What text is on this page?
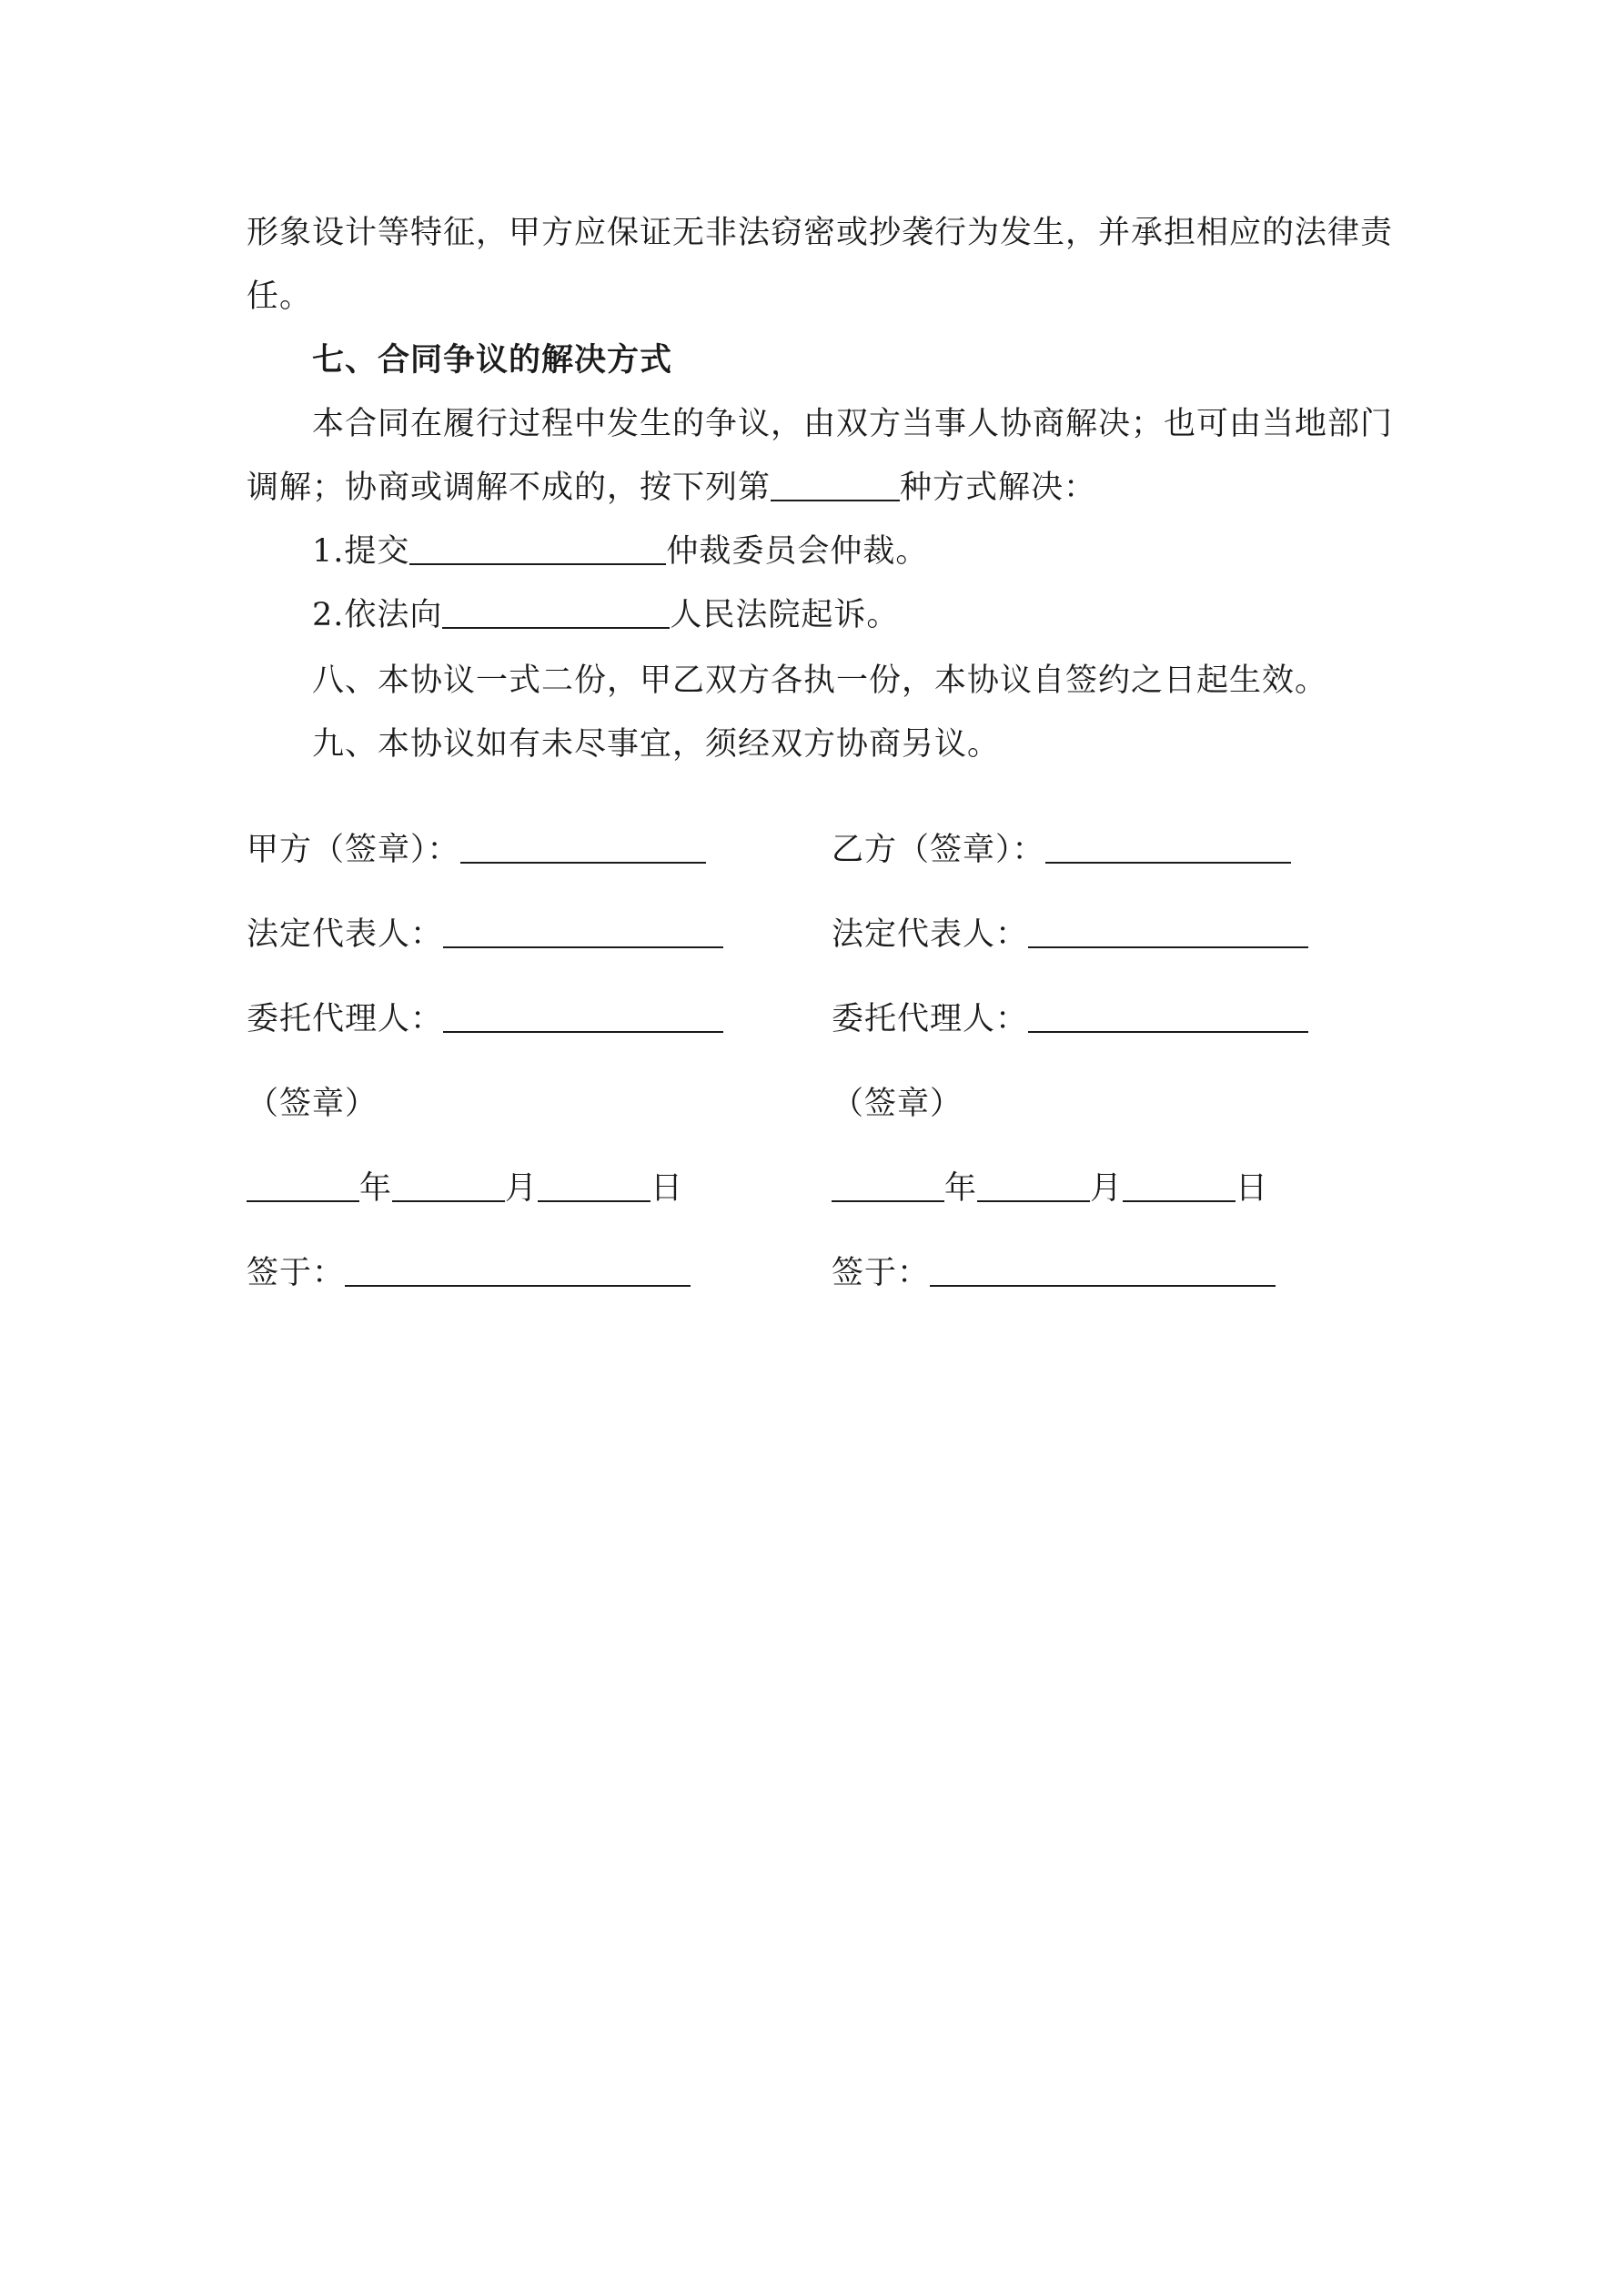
形象设计等特征，甲方应保证无非法窃密或抄袭行为发生，并承担相应的法律责
任。
七、合同争议的解决方式
本合同在履行过程中发生的争议，由双方当事人协商解决；也可由当地部门
调解；协商或调解不成的，按下列第	种方式解决：
1.提交	仲裁委员会仲裁。
2.依法向	人民法院起诉。
八、本协议一式二份，甲乙双方各执一份，本协议自签约之日起生效。
九、本协议如有未尽事宜，须经双方协商另议。
甲方（签章）：
法定代表人：
委托代理人：
（签章）
年	月	日
签于：
乙方（签章）：
法定代表人：
委托代理人：
（签章）
年	月	日
签于：
